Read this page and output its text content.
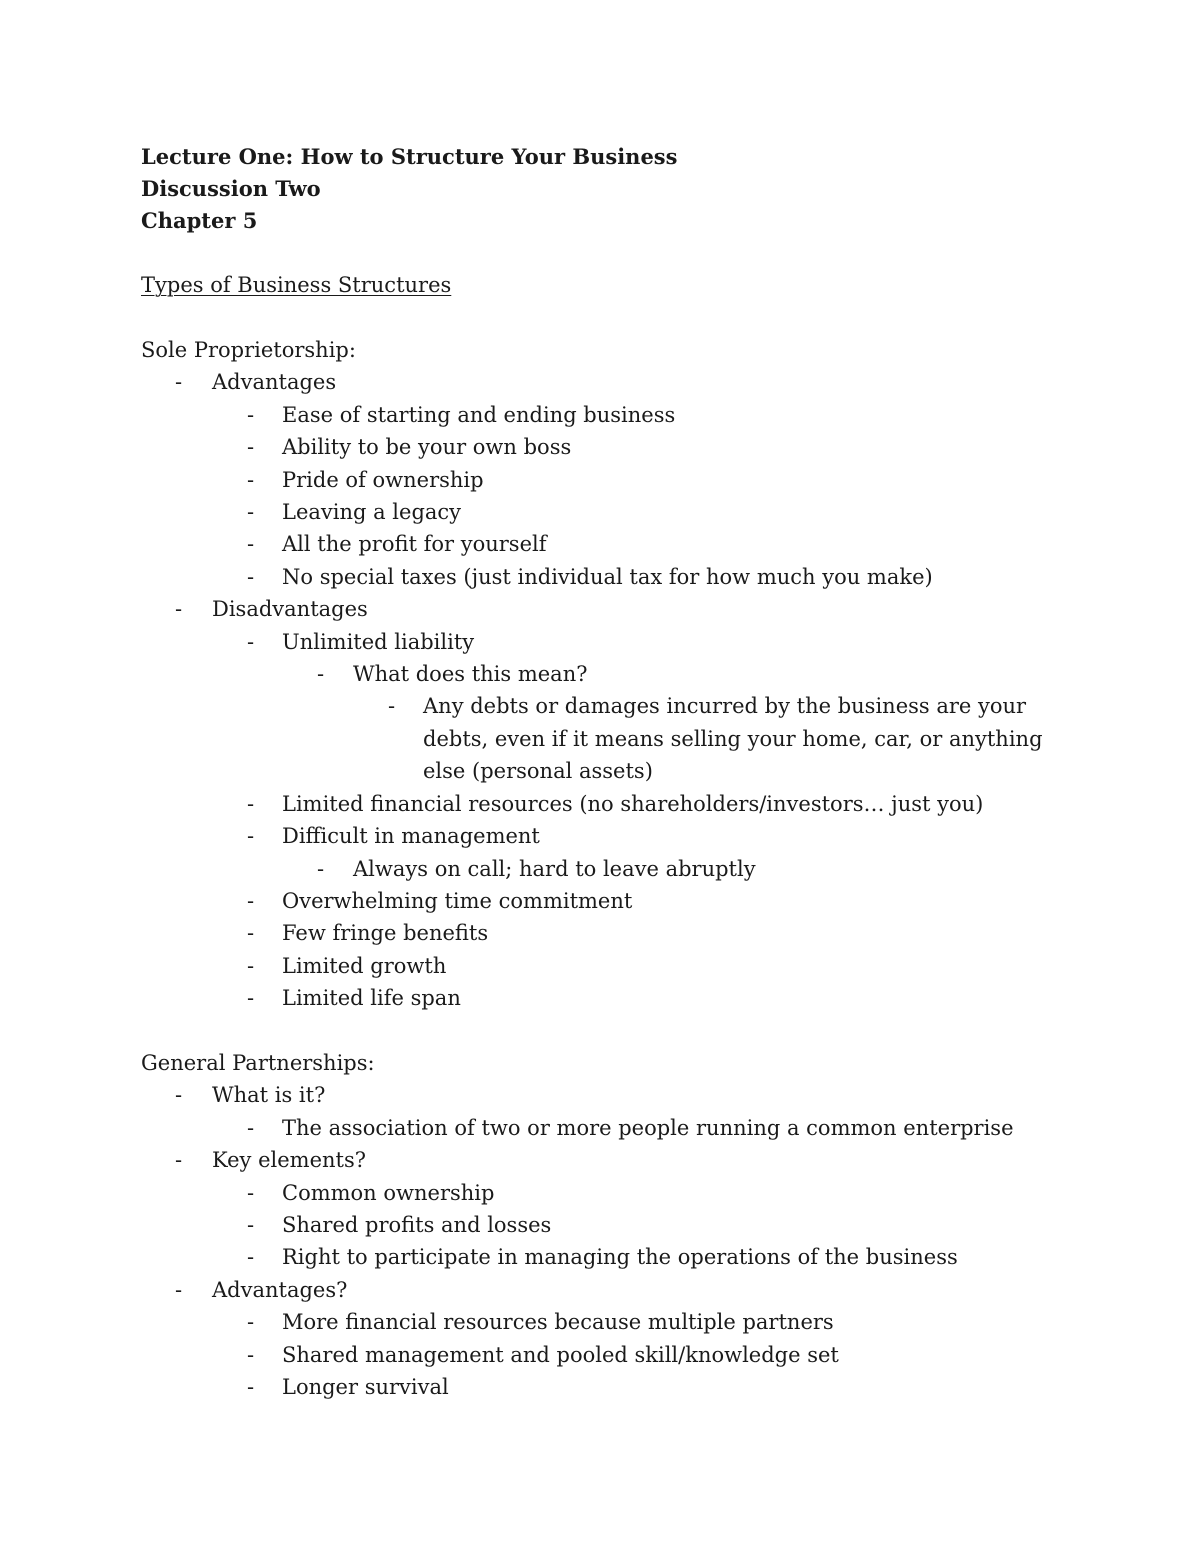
Lecture One: How to Structure Your Business
Discussion Two
Chapter 5
Types of Business Structures
Sole Proprietorship:
- Advantages
- Ease of starting and ending business
- Ability to be your own boss
- Pride of ownership
- Leaving a legacy
- All the profit for yourself
- No special taxes (just individual tax for how much you make)
- Disadvantages
- Unlimited liability
- What does this mean?
- Any debts or damages incurred by the business are your debts, even if it means selling your home, car, or anything else (personal assets)
- Limited financial resources (no shareholders/investors… just you)
- Difficult in management
- Always on call; hard to leave abruptly
- Overwhelming time commitment
- Few fringe benefits
- Limited growth
- Limited life span
General Partnerships:
- What is it?
- The association of two or more people running a common enterprise
- Key elements?
- Common ownership
- Shared profits and losses
- Right to participate in managing the operations of the business
- Advantages?
- More financial resources because multiple partners
- Shared management and pooled skill/knowledge set
- Longer survival
